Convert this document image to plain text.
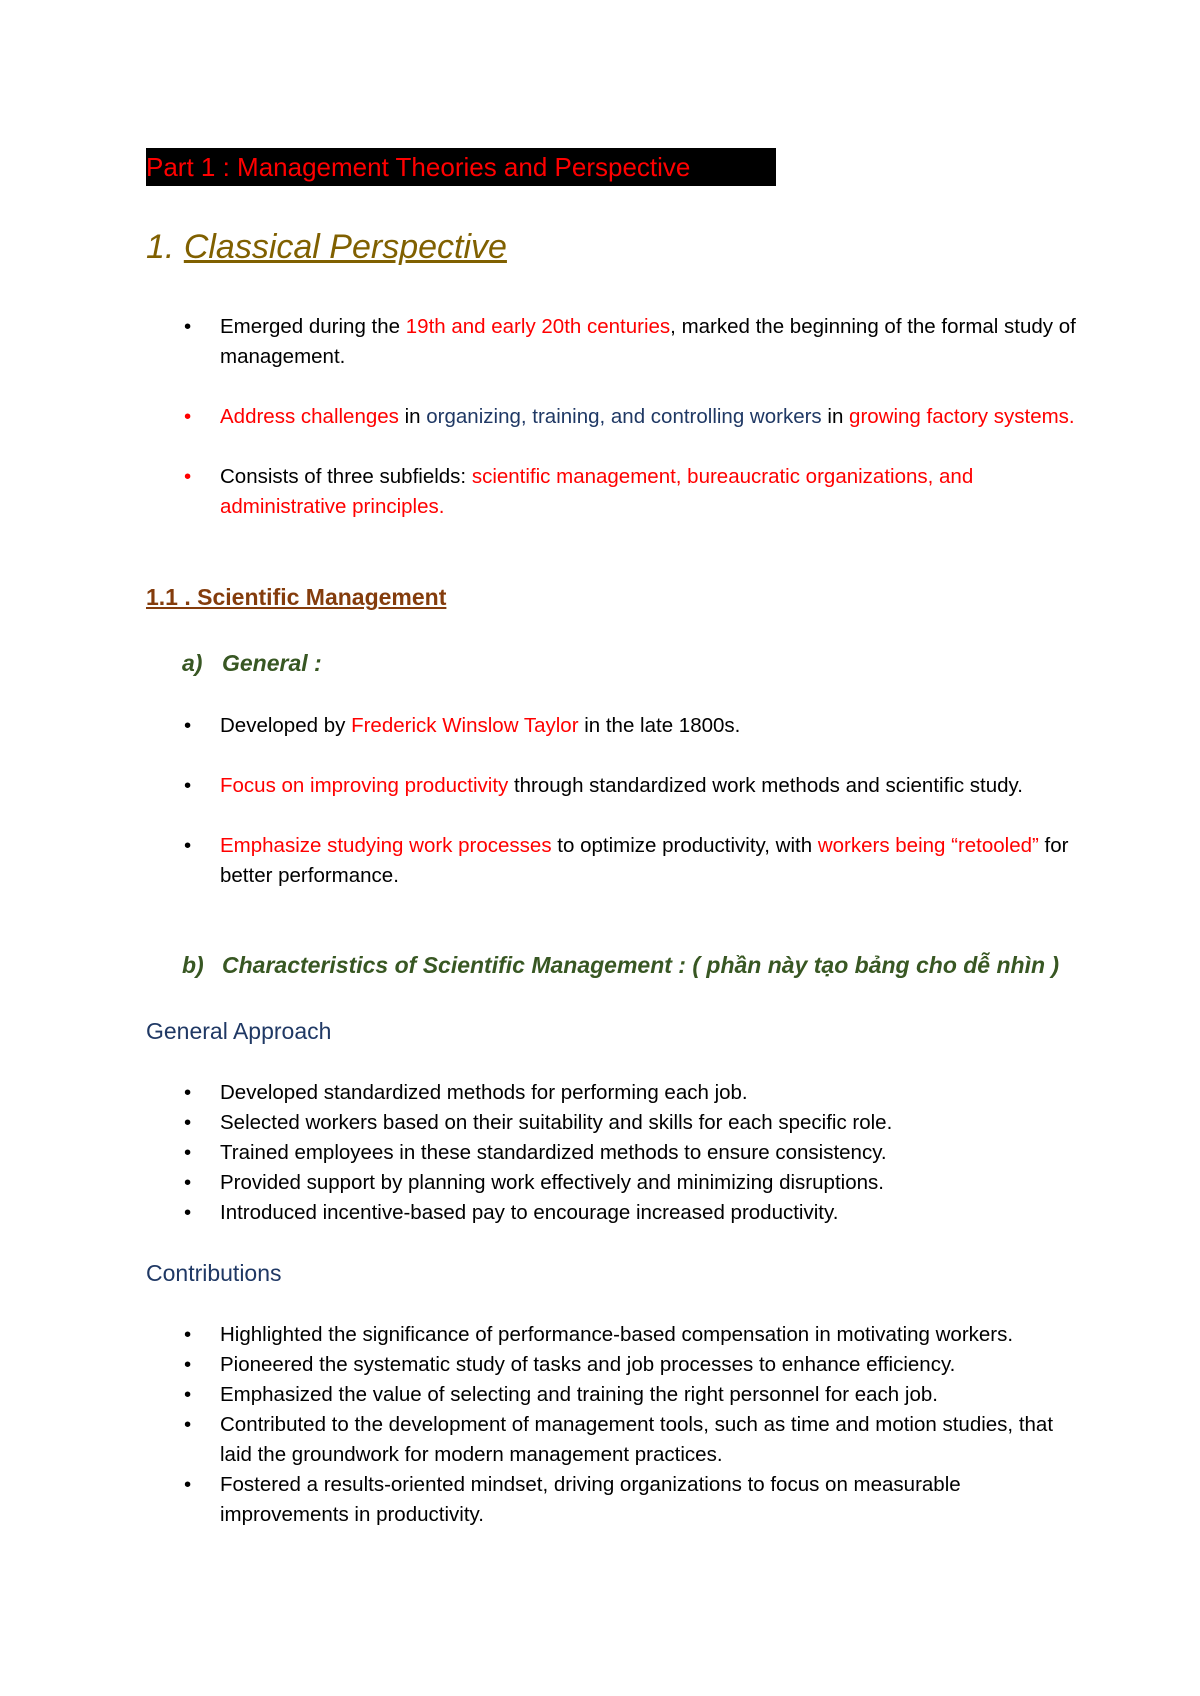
Part 1 : Management Theories and Perspective
1. Classical Perspective
•	Emerged during the 19th and early 20th centuries, marked the beginning of the formal study of management.
•	Address challenges in organizing, training, and controlling workers in growing factory systems.
•	Consists of three subfields: scientific management, bureaucratic organizations, and administrative principles.
1.1 . Scientific Management
a) General :
•	Developed by Frederick Winslow Taylor in the late 1800s.
•	Focus on improving productivity through standardized work methods and scientific study.
•	Emphasize studying work processes to optimize productivity, with workers being “retooled” for better performance.
b) Characteristics of Scientific Management : ( phần này tạo bảng cho dễ nhìn )
General Approach
•	Developed standardized methods for performing each job.
•	Selected workers based on their suitability and skills for each specific role.
•	Trained employees in these standardized methods to ensure consistency.
•	Provided support by planning work effectively and minimizing disruptions.
•	Introduced incentive-based pay to encourage increased productivity.
Contributions
•	Highlighted the significance of performance-based compensation in motivating workers.
•	Pioneered the systematic study of tasks and job processes to enhance efficiency.
•	Emphasized the value of selecting and training the right personnel for each job.
•	Contributed to the development of management tools, such as time and motion studies, that laid the groundwork for modern management practices.
•	Fostered a results-oriented mindset, driving organizations to focus on measurable improvements in productivity.
